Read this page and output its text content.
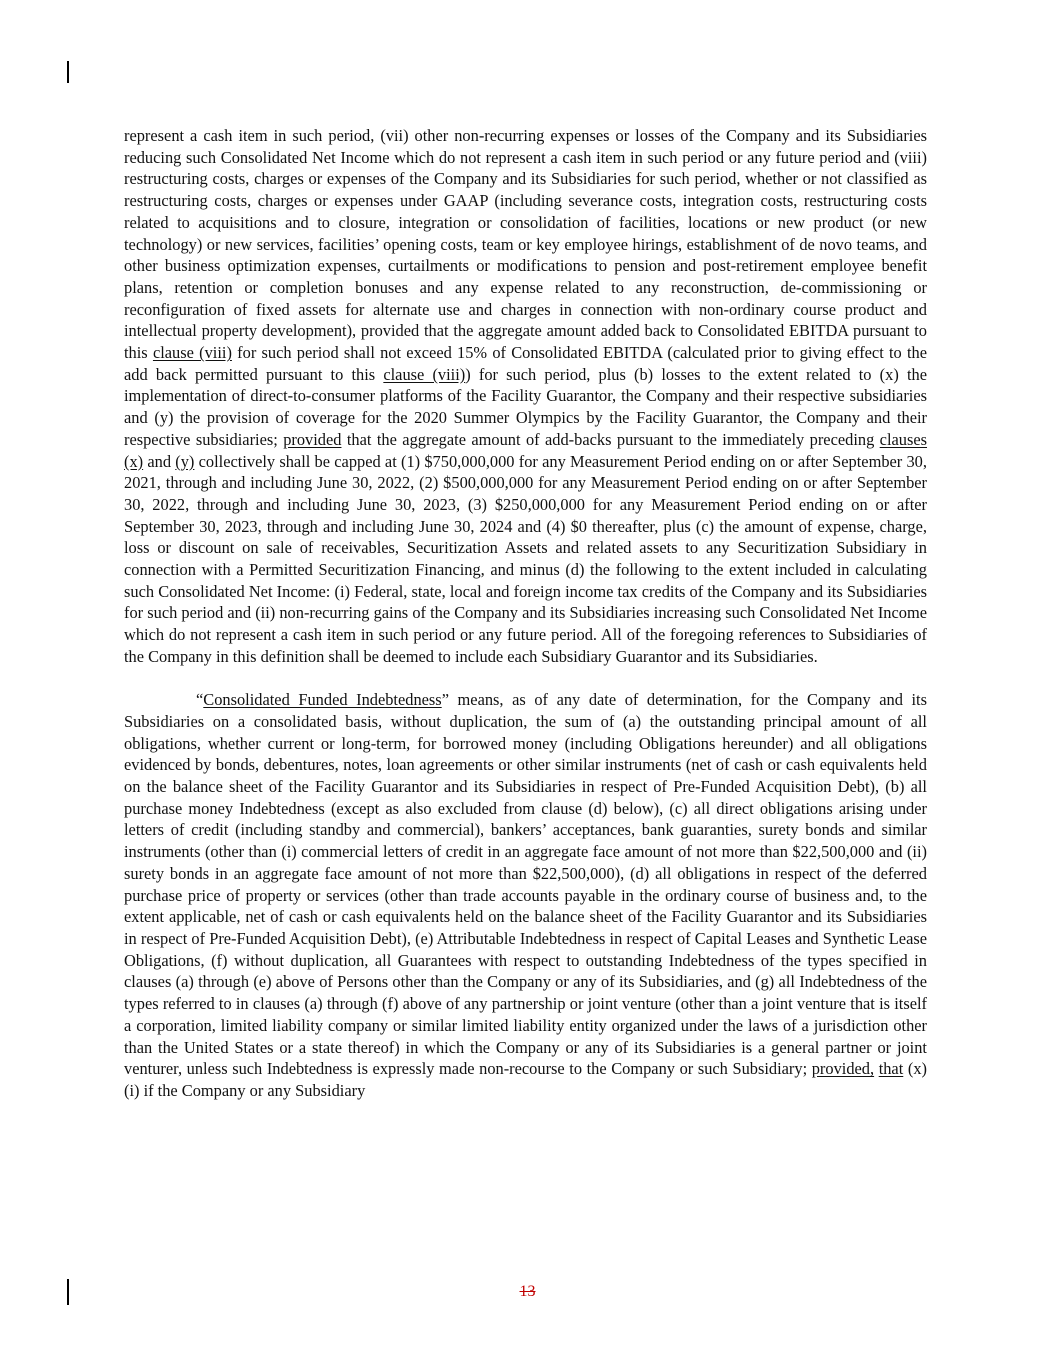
represent a cash item in such period, (vii) other non-recurring expenses or losses of the Company and its Subsidiaries reducing such Consolidated Net Income which do not represent a cash item in such period or any future period and (viii) restructuring costs, charges or expenses of the Company and its Subsidiaries for such period, whether or not classified as restructuring costs, charges or expenses under GAAP (including severance costs, integration costs, restructuring costs related to acquisitions and to closure, integration or consolidation of facilities, locations or new product (or new technology) or new services, facilities’ opening costs, team or key employee hirings, establishment of de novo teams, and other business optimization expenses, curtailments or modifications to pension and post-retirement employee benefit plans, retention or completion bonuses and any expense related to any reconstruction, de-commissioning or reconfiguration of fixed assets for alternate use and charges in connection with non-ordinary course product and intellectual property development), provided that the aggregate amount added back to Consolidated EBITDA pursuant to this clause (viii) for such period shall not exceed 15% of Consolidated EBITDA (calculated prior to giving effect to the add back permitted pursuant to this clause (viii)) for such period, plus (b) losses to the extent related to (x) the implementation of direct-to-consumer platforms of the Facility Guarantor, the Company and their respective subsidiaries and (y) the provision of coverage for the 2020 Summer Olympics by the Facility Guarantor, the Company and their respective subsidiaries; provided that the aggregate amount of add-backs pursuant to the immediately preceding clauses (x) and (y) collectively shall be capped at (1) $750,000,000 for any Measurement Period ending on or after September 30, 2021, through and including June 30, 2022, (2) $500,000,000 for any Measurement Period ending on or after September 30, 2022, through and including June 30, 2023, (3) $250,000,000 for any Measurement Period ending on or after September 30, 2023, through and including June 30, 2024 and (4) $0 thereafter, plus (c) the amount of expense, charge, loss or discount on sale of receivables, Securitization Assets and related assets to any Securitization Subsidiary in connection with a Permitted Securitization Financing, and minus (d) the following to the extent included in calculating such Consolidated Net Income: (i) Federal, state, local and foreign income tax credits of the Company and its Subsidiaries for such period and (ii) non-recurring gains of the Company and its Subsidiaries increasing such Consolidated Net Income which do not represent a cash item in such period or any future period. All of the foregoing references to Subsidiaries of the Company in this definition shall be deemed to include each Subsidiary Guarantor and its Subsidiaries.

“Consolidated Funded Indebtedness” means, as of any date of determination, for the Company and its Subsidiaries on a consolidated basis, without duplication, the sum of (a) the outstanding principal amount of all obligations, whether current or long-term, for borrowed money (including Obligations hereunder) and all obligations evidenced by bonds, debentures, notes, loan agreements or other similar instruments (net of cash or cash equivalents held on the balance sheet of the Facility Guarantor and its Subsidiaries in respect of Pre-Funded Acquisition Debt), (b) all purchase money Indebtedness (except as also excluded from clause (d) below), (c) all direct obligations arising under letters of credit (including standby and commercial), bankers’ acceptances, bank guaranties, surety bonds and similar instruments (other than (i) commercial letters of credit in an aggregate face amount of not more than $22,500,000 and (ii) surety bonds in an aggregate face amount of not more than $22,500,000), (d) all obligations in respect of the deferred purchase price of property or services (other than trade accounts payable in the ordinary course of business and, to the extent applicable, net of cash or cash equivalents held on the balance sheet of the Facility Guarantor and its Subsidiaries in respect of Pre-Funded Acquisition Debt), (e) Attributable Indebtedness in respect of Capital Leases and Synthetic Lease Obligations, (f) without duplication, all Guarantees with respect to outstanding Indebtedness of the types specified in clauses (a) through (e) above of Persons other than the Company or any of its Subsidiaries, and (g) all Indebtedness of the types referred to in clauses (a) through (f) above of any partnership or joint venture (other than a joint venture that is itself a corporation, limited liability company or similar limited liability entity organized under the laws of a jurisdiction other than the United States or a state thereof) in which the Company or any of its Subsidiaries is a general partner or joint venturer, unless such Indebtedness is expressly made non-recourse to the Company or such Subsidiary; provided, that (x)(i) if the Company or any Subsidiary

13
